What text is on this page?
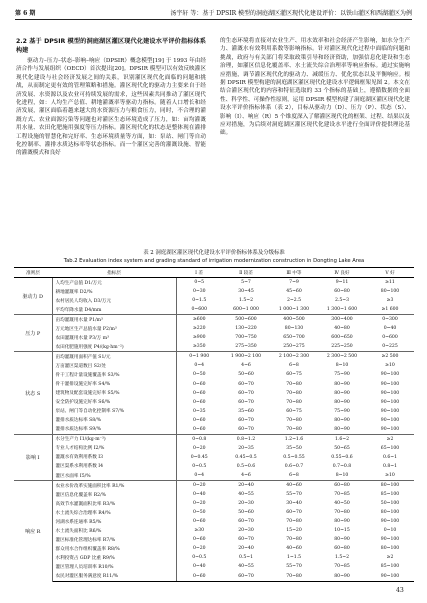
第 6 期	汤宇轩 等：基于 DPSIR 模型的洞庭湖区灌区现代化建设评价：以铁山灌区和西湖灌区为例
2.2 基于 DPSIR 模型的洞庭湖区灌区现代化建设水平评价指标体系构建

驱动力–压力–状态–影响–响应（DPSIR）概念模型[19] 于 1993 年由经济合作与发展组织（OECD）首次提出[20]。DPSIR 模型可以有效反映灌区现代化建设与社会经济发展之间的关系，识别灌区现代化面临的问题和挑战，从而制定更有效的管理策略和措施。灌区现代化的驱动力主要来自于经济发展、水资源以及农业可持续发展的需求，这些因素共同推动了灌区现代化进程，如：人均生产总值、耕地灌溉率等驱动力指标。随着人口增长和经济发展，灌区面临着越来越大的水资源压力与粮食压力，同时，不合理的灌溉方式、农业面源污染等问题也对灌区生态环境造成了压力，如：亩均灌溉用水量、农田化肥施用强度等压力指标。灌区现代化的状态是整体现在灌排工程设施的智慧化和完好率、生态环境质量等方面，如：泵站、闸门等自动化控制率、灌排水质达标率等状态指标。而一个灌区完善的灌溉设施、智能的灌溉模式和良好

的生态环境将直接对农业生产、用水效率和社会经济产生影响，如水分生产力、灌溉水有效利用系数等影响指标。针对灌区现代化过程中面临的问题和挑战，政府与有关部门将采取政策引导和经济资助，加强信息化建设和生态治理，如灌区信息化覆盖率、水土流失综合治理率等响应指标。通过实施响应措施，调节灌区现代化的驱动力、减缓压力、优化状态以及平衡响应。根据 DPSIR 模型构建的洞庭湖区灌区现代化建设水平逻辑框架见图 2。本文在结合灌区现代化的内容和特征选取的 33 个指标的基础上，遵循数据的全面性、科学性、可操作性原则，运用 DPSIR 模型构建了洞庭湖区灌区现代化建设水平评价指标体系（表 2），目标从驱动力（D）、压力（P）、状态（S）、影响（I）、响应（R）5 个维度深入了解灌区现代化的框架、过程、结果以及应对措施，为后续对洞庭湖区灌区现代化建设水平进行全面评价提供理论基础。

表 2 洞庭湖区灌区现代化建设水平评价指标体系及分级标准
Tab.2 Evaluation index system and grading standard of irrigation modernization construction in Dongting Lake Area
准则层	指标层	Ⅰ 差	Ⅱ 较差	Ⅲ 中等	Ⅳ 良好	Ⅴ 好
驱动力 D	人均生产总值 D1/万元	0~5	5~7	7~9	9~11	≥11
	耕地灌溉率 D2/%	0~30	30~45	45~60	60~80	80~100
	农村居民人均收入 D3/万元	0~1.5	1.5~2	2~2.5	2.5~3	≥3
	平均年降水量 D4/mm	0~600	600~1 000	1 000~1 300	1 300~1 600	≥1 600
压力 P	亩均灌溉用水量 P1/m³	≥600	500~600	400~500	300~400	0~300
	万元地区生产总值水量 P2/m³	≥220	130~220	80~130	40~80	0~40
	农田灌溉用水量 P3/万 m³	≥900	700~750	650~700	600~650	0~600
	农田化肥施用强度 P4/(kg·hm⁻²)	≥350	275~350	250~275	225~250	0~225
状态 S	亩均灌溉用面积产值 S1/元	0~1 900	1 900~2 100	2 100~2 300	2 300~2 500	≥2 500
	万亩灌区渠道数目 S2/处	0~4	4~6	6~8	8~10	≥10
	骨干工程计量设施覆盖率 S3/%	0~50	50~60	60~75	75~90	90~100
	骨干灌排设施完好率 S4/%	0~60	60~70	70~80	80~90	90~100
	建筑物及配套设施完好率 S5/%	0~60	60~70	70~80	80~90	90~100
	安全防护设施完好率 S6/%	0~60	60~70	70~80	80~90	90~100
	泵站、闸门等自动化控制率 S7/%	0~35	35~60	60~75	75~90	90~100
	灌排水质达标率 S8/%	0~60	60~70	70~80	80~90	90~100
	灌排水质达标率 S9/%	0~60	60~70	70~80	80~90	90~100
影响 I	水分生产力 I1/(kg·m⁻³)	0~0.8	0.8~1.2	1.2~1.6	1.6~2	≥2
	专业人才结构比例 I2/%	0~20	20~35	35~50	50~65	65~100
	灌溉水有效利用系数 I3	0~0.45	0.45~0.5	0.5~0.55	0.55~0.6	0.6~1
	灌区渠系水利用系数 I4	0~0.5	0.5~0.6	0.6~0.7	0.7~0.8	0.8~1
	灌区水面率 I5/%	0~4	4~6	6~8	8~10	≥10
响应 R	农业水价改革实施面积比率 R1/%	0~20	20~40	40~60	60~80	80~100
	灌区信息化覆盖率 R2/%	0~40	40~55	55~70	70~85	85~100
	高效节水灌溉面积比率 R3/%	0~20	20~30	30~40	40~50	50~100
	水土流失综合治理率 R4/%	0~50	50~60	60~70	70~80	80~100
	河湖水系连通率 R5/%	0~60	60~70	70~80	80~90	90~100
	水土流失面积比 R6/%	≥30	20~30	15~20	10~15	0~10
	灌区标准化管理达标率 R7/%	0~60	60~70	70~80	80~90	90~100
	群众用水合作组织覆盖率 R8/%	0~20	20~40	40~60	60~80	80~100
	水利投资占 GDP 比重 R9/%	0~0.5	0.5~1	1~1.5	1.5~2	≥2
	灌区管理人员培训率 R10/%	0~40	40~55	55~70	70~85	85~100
	农民对灌区服务满意度 R11/%	0~60	60~70	70~80	80~90	90~100
43
